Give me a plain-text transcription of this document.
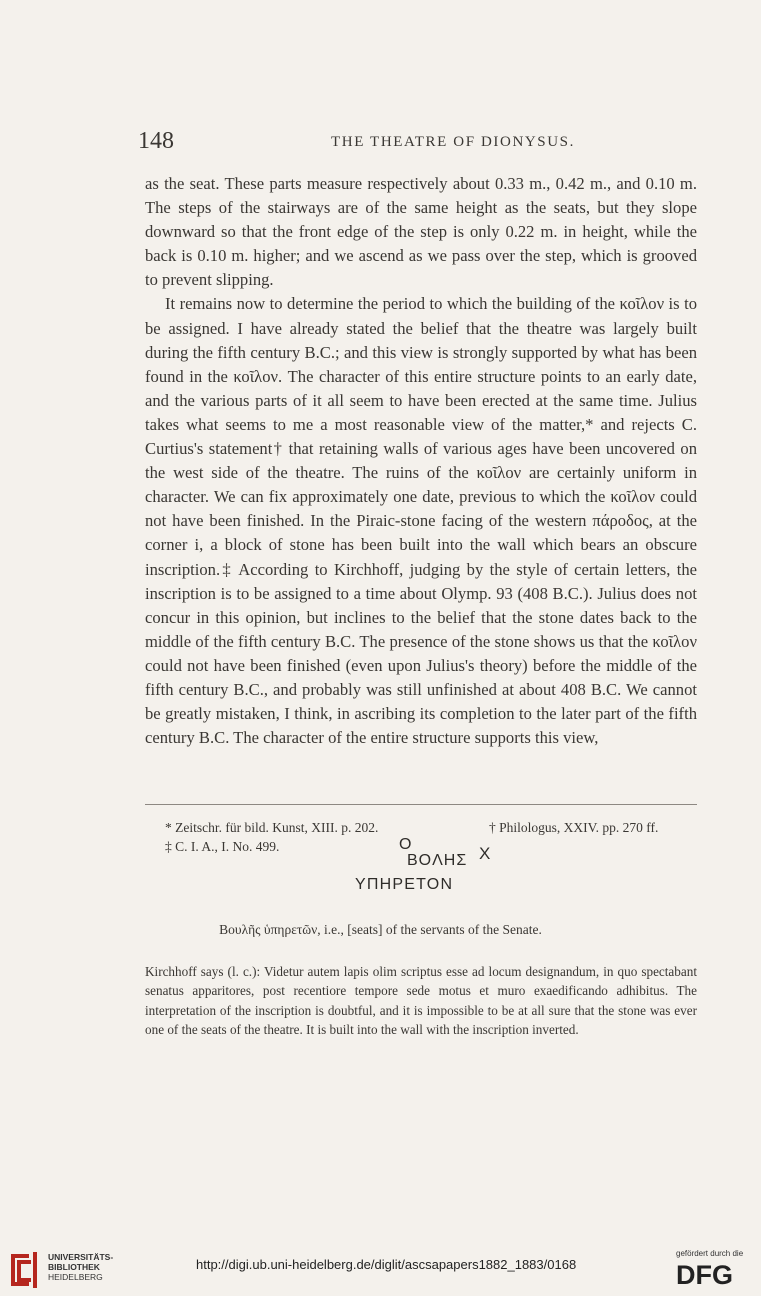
148	THE THEATRE OF DIONYSUS.

as the seat. These parts measure respectively about 0.33 m., 0.42 m., and 0.10 m. The steps of the stairways are of the same height as the seats, but they slope downward so that the front edge of the step is only 0.22 m. in height, while the back is 0.10 m. higher; and we ascend as we pass over the step, which is grooved to prevent slipping.

It remains now to determine the period to which the building of the κοῖλον is to be assigned. I have already stated the belief that the theatre was largely built during the fifth century B.C.; and this view is strongly supported by what has been found in the κοῖλον. The character of this entire structure points to an early date, and the various parts of it all seem to have been erected at the same time. Julius takes what seems to me a most reasonable view of the matter,* and rejects C. Curtius's statement† that retaining walls of various ages have been uncovered on the west side of the theatre. The ruins of the κοῖλον are certainly uniform in character. We can fix approximately one date, previous to which the κοῖλον could not have been finished. In the Piraic-stone facing of the western πάροδος, at the corner i, a block of stone has been built into the wall which bears an obscure inscription.‡ According to Kirchhoff, judging by the style of certain letters, the inscription is to be assigned to a time about Olymp. 93 (408 B.C.). Julius does not concur in this opinion, but inclines to the belief that the stone dates back to the middle of the fifth century B.C. The presence of the stone shows us that the κοῖλον could not have been finished (even upon Julius's theory) before the middle of the fifth century B.C., and probably was still unfinished at about 408 B.C. We cannot be greatly mistaken, I think, in ascribing its completion to the later part of the fifth century B.C. The character of the entire structure supports this view,

* Zeitschr. für bild. Kunst, XIII. p. 202.	† Philologus, XXIV. pp. 270 ff.
‡ C. I. A., I. No. 499.	O	X
BOΛHΣ
YΠHPETOΝ
Βουλῆς ὑπηρετῶν, i.e., [seats] of the servants of the Senate.

Kirchhoff says (l. c.): Videtur autem lapis olim scriptus esse ad locum designandum, in quo spectabant senatus apparitores, post recentiore tempore sede motus et muro exaedificando adhibitus. The interpretation of the inscription is doubtful, and it is impossible to be at all sure that the stone was ever one of the seats of the theatre. It is built into the wall with the inscription inverted.

UNIVERSITÄTS-
BIBLIOTHEK
HEIDELBERG
http://digi.ub.uni-heidelberg.de/diglit/ascsapapers1882_1883/0168
gefördert durch die
DFG
